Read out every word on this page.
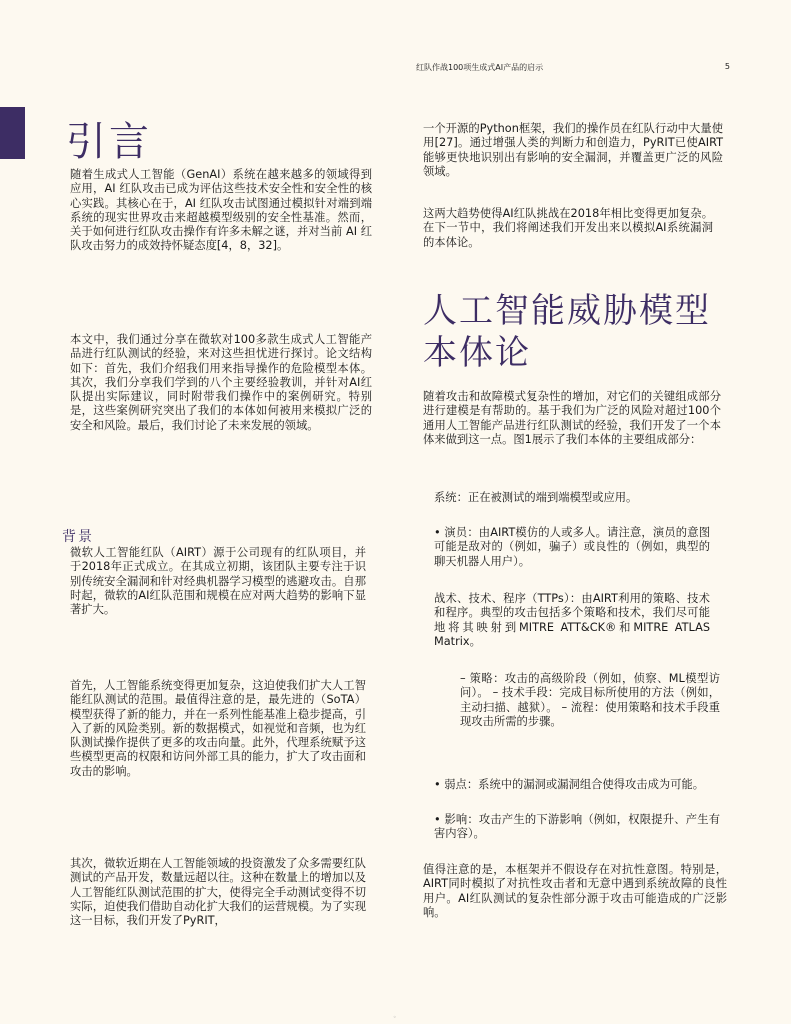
红队作战100项生成式AI产品的启示	5
引言

随着生成式人工智能（GenAI）系统在越来越多的领域得到应用，AI 红队攻击已成为评估这些技术安全性和安全性的核心实践。其核心在于，AI 红队攻击试图通过模拟针对端到端系统的现实世界攻击来超越模型级别的安全性基准。然而，关于如何进行红队攻击操作有许多未解之谜，并对当前 AI 红队攻击努力的成效持怀疑态度[4，8，32]。

本文中，我们通过分享在微软对100多款生成式人工智能产品进行红队测试的经验，来对这些担忧进行探讨。论文结构如下：首先，我们介绍我们用来指导操作的危险模型本体。其次，我们分享我们学到的八个主要经验教训，并针对AI红队提出实际建议，同时附带我们操作中的案例研究。特别是，这些案例研究突出了我们的本体如何被用来模拟广泛的安全和风险。最后，我们讨论了未来发展的领域。

背景

微软人工智能红队（AIRT）源于公司现有的红队项目，并于2018年正式成立。在其成立初期，该团队主要专注于识别传统安全漏洞和针对经典机器学习模型的逃避攻击。自那时起，微软的AI红队范围和规模在应对两大趋势的影响下显著扩大。

首先，人工智能系统变得更加复杂，这迫使我们扩大人工智能红队测试的范围。最值得注意的是，最先进的（SoTA）模型获得了新的能力，并在一系列性能基准上稳步提高，引入了新的风险类别。新的数据模式，如视觉和音频，也为红队测试操作提供了更多的攻击向量。此外，代理系统赋予这些模型更高的权限和访问外部工具的能力，扩大了攻击面和攻击的影响。

其次，微软近期在人工智能领域的投资激发了众多需要红队测试的产品开发，数量远超以往。这种在数量上的增加以及人工智能红队测试范围的扩大，使得完全手动测试变得不切实际，迫使我们借助自动化扩大我们的运营规模。为了实现这一目标，我们开发了PyRIT，

一个开源的Python框架，我们的操作员在红队行动中大量使用[27]。通过增强人类的判断力和创造力，PyRIT已使AIRT能够更快地识别出有影响的安全漏洞，并覆盖更广泛的风险领域。

这两大趋势使得AI红队挑战在2018年相比变得更加复杂。在下一节中，我们将阐述我们开发出来以模拟AI系统漏洞的本体论。

人工智能威胁模型本体论

随着攻击和故障模式复杂性的增加，对它们的关键组成部分进行建模是有帮助的。基于我们为广泛的风险对超过100个通用人工智能产品进行红队测试的经验，我们开发了一个本体来做到这一点。图1展示了我们本体的主要组成部分：

系统：正在被测试的端到端模型或应用。

• 演员：由AIRT模仿的人或多人。请注意，演员的意图可能是敌对的（例如，骗子）或良性的（例如，典型的聊天机器人用户）。

战术、技术、程序（TTPs）：由AIRT利用的策略、技术和程序。典型的攻击包括多个策略和技术，我们尽可能地将其映射到MITRE ATT&CK®和MITRE ATLAS Matrix。

– 策略：攻击的高级阶段（例如，侦察、ML模型访问）。 – 技术手段：完成目标所使用的方法（例如，主动扫描、越狱）。 – 流程：使用策略和技术手段重现攻击所需的步骤。

• 弱点：系统中的漏洞或漏洞组合使得攻击成为可能。

• 影响：攻击产生的下游影响（例如，权限提升、产生有害内容）。

值得注意的是，本框架并不假设存在对抗性意图。特别是，AIRT同时模拟了对抗性攻击者和无意中遇到系统故障的良性用户。AI红队测试的复杂性部分源于攻击可能造成的广泛影响。

◦
